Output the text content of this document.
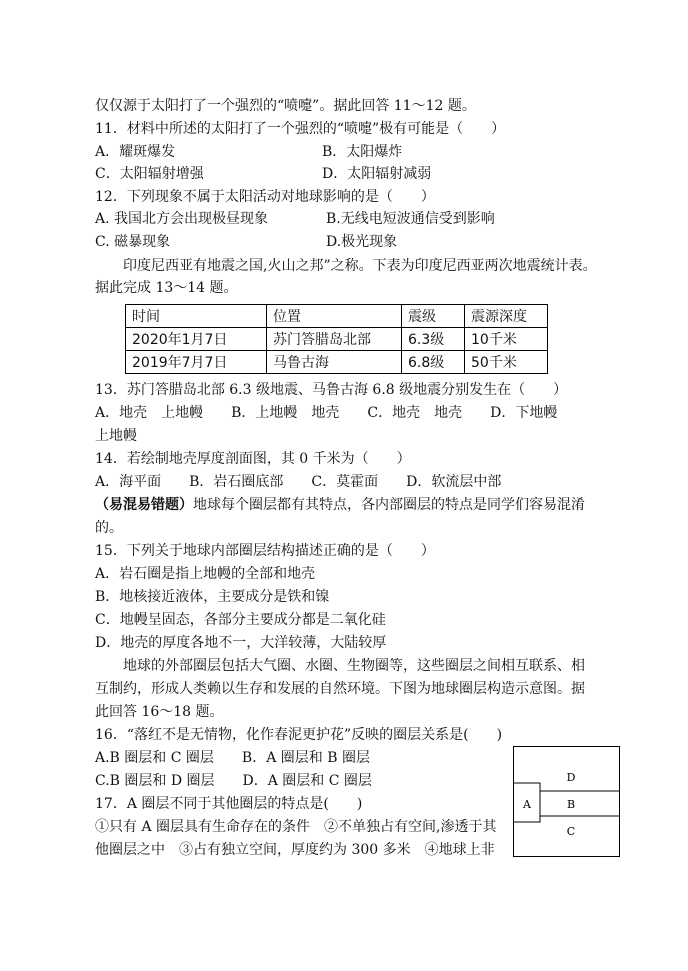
仅仅源于太阳打了一个强烈的“喷嚏”。据此回答 11～12 题。
11．材料中所述的太阳打了一个强烈的“喷嚏”极有可能是（　　）
A．耀斑爆发	B．太阳爆炸
C．太阳辐射增强	D．太阳辐射减弱
12．下列现象不属于太阳活动对地球影响的是（　　）
A. 我国北方会出现极昼现象	B.无线电短波通信受到影响
C. 磁暴现象	D.极光现象
印度尼西亚有地震之国,火山之邦”之称。下表为印度尼西亚两次地震统计表。
据此完成 13～14 题。
时间	位置	震级	震源深度
2020年1月7日	苏门答腊岛北部	6.3级	10千米
2019年7月7日	马鲁古海	6.8级	50千米
13．苏门答腊岛北部 6.3 级地震、马鲁古海 6.8 级地震分别发生在（　　）
A．地壳　上地幔　　B．上地幔　地壳　　C．地壳　地壳　　D．下地幔
上地幔
14．若绘制地壳厚度剖面图，其 0 千米为（　　）
A．海平面　　B．岩石圈底部　　C．莫霍面　　D．软流层中部
（易混易错题）地球每个圈层都有其特点，各内部圈层的特点是同学们容易混淆
的。
15．下列关于地球内部圈层结构描述正确的是（　　）
A．岩石圈是指上地幔的全部和地壳
B．地核接近液体，主要成分是铁和镍
C．地幔呈固态，各部分主要成分都是二氧化硅
D．地壳的厚度各地不一，大洋较薄，大陆较厚
地球的外部圈层包括大气圈、水圈、生物圈等，这些圈层之间相互联系、相
互制约，形成人类赖以生存和发展的自然环境。下图为地球圈层构造示意图。据
此回答 16～18 题。
16．“落红不是无情物，化作春泥更护花”反映的圈层关系是(　　)
A.B 圈层和 C 圈层　　B．A 圈层和 B 圈层
C.B 圈层和 D 圈层　　D．A 圈层和 C 圈层
17．A 圈层不同于其他圈层的特点是(　　)
①只有 A 圈层具有生命存在的条件　②不单独占有空间,渗透于其
他圈层之中　③占有独立空间，厚度约为 300 多米　④地球上非
A
D
B
C
